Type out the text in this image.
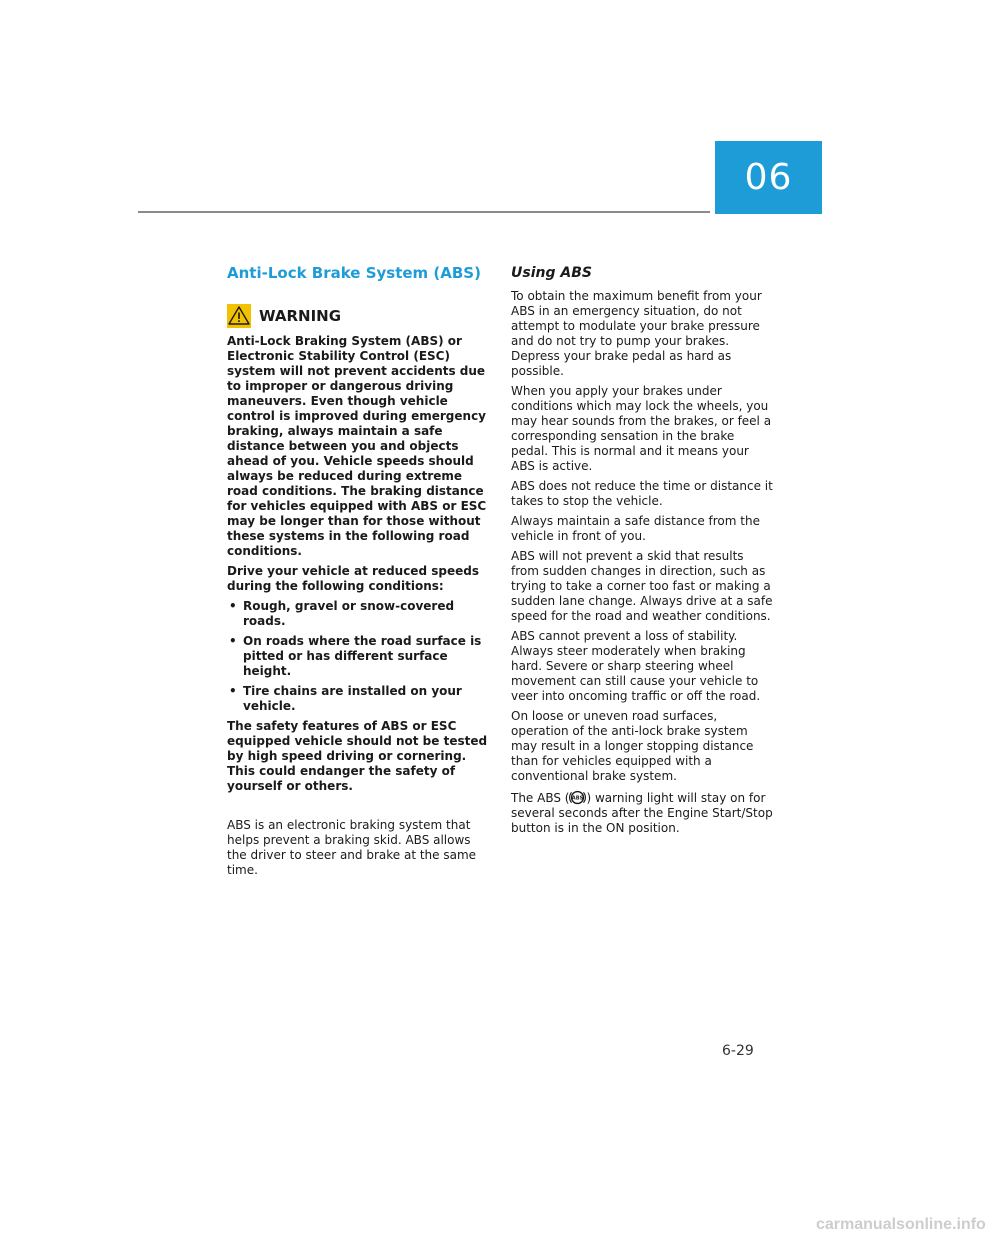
06
Anti-Lock Brake System (ABS)
WARNING

Anti-Lock Braking System (ABS) or Electronic Stability Control (ESC) system will not prevent accidents due to improper or dangerous driving maneuvers. Even though vehicle control is improved during emergency braking, always maintain a safe distance between you and objects ahead of you. Vehicle speeds should always be reduced during extreme road conditions. The braking distance for vehicles equipped with ABS or ESC may be longer than for those without these systems in the following road conditions.

Drive your vehicle at reduced speeds during the following conditions:

• Rough, gravel or snow-covered roads.
• On roads where the road surface is pitted or has different surface height.
• Tire chains are installed on your vehicle.

The safety features of ABS or ESC equipped vehicle should not be tested by high speed driving or cornering. This could endanger the safety of yourself or others.

ABS is an electronic braking system that helps prevent a braking skid. ABS allows the driver to steer and brake at the same time.

Using ABS

To obtain the maximum benefit from your ABS in an emergency situation, do not attempt to modulate your brake pressure and do not try to pump your brakes. Depress your brake pedal as hard as possible.

When you apply your brakes under conditions which may lock the wheels, you may hear sounds from the brakes, or feel a corresponding sensation in the brake pedal. This is normal and it means your ABS is active.

ABS does not reduce the time or distance it takes to stop the vehicle.

Always maintain a safe distance from the vehicle in front of you.

ABS will not prevent a skid that results from sudden changes in direction, such as trying to take a corner too fast or making a sudden lane change. Always drive at a safe speed for the road and weather conditions.

ABS cannot prevent a loss of stability. Always steer moderately when braking hard. Severe or sharp steering wheel movement can still cause your vehicle to veer into oncoming traffic or off the road.

On loose or uneven road surfaces, operation of the anti-lock brake system may result in a longer stopping distance than for vehicles equipped with a conventional brake system.

The ABS ( ABS ) warning light will stay on for several seconds after the Engine Start/Stop button is in the ON position.

6-29
carmanualsonline.info
